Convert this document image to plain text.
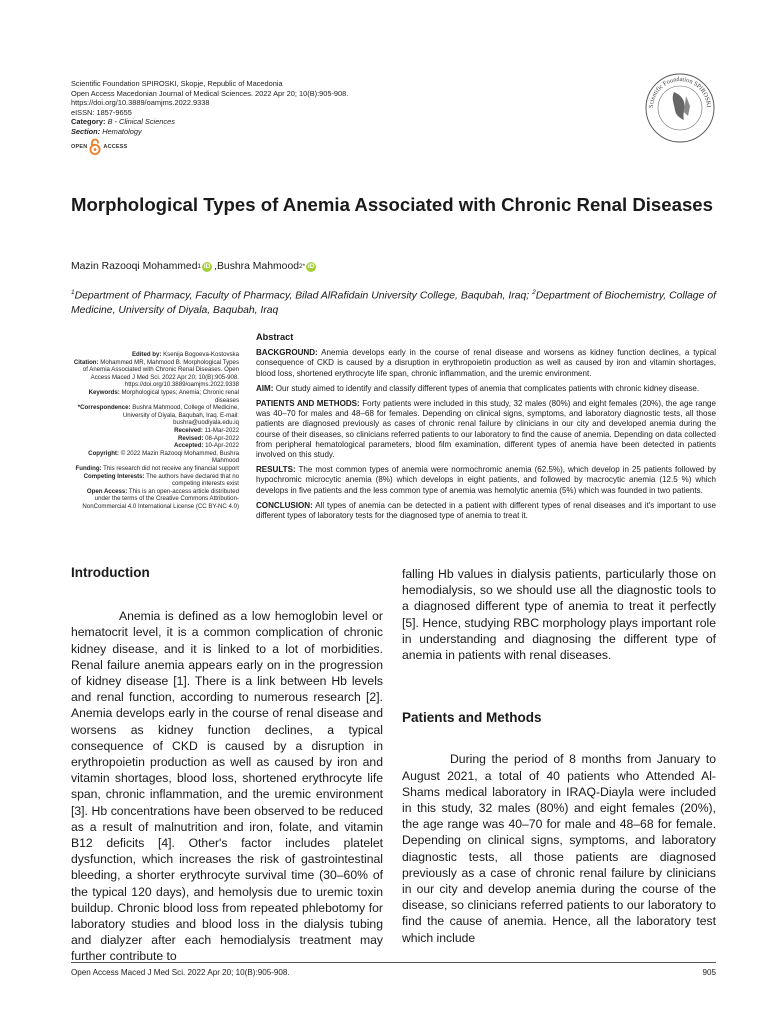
Scientific Foundation SPIROSKI, Skopje, Republic of Macedonia
Open Access Macedonian Journal of Medical Sciences. 2022 Apr 20; 10(B):905-908.
https://doi.org/10.3889/oamjms.2022.9338
eISSN: 1857-9655
Category: B - Clinical Sciences
Section: Hematology
Scientific Foundation SPIROSKI
OPEN	ACCESS
Morphological Types of Anemia Associated with Chronic Renal Diseases
Mazin Razooqi Mohammed 1 iD , Bushra Mahmood 2* iD
$^1$Department of Pharmacy, Faculty of Pharmacy, Bilad AlRafidain University College, Baqubah, Iraq; $^2$Department of Biochemistry, Collage of Medicine, University of Diyala, Baqubah, Iraq
Edited by: Ksenija Bogoeva-Kostovska
Citation: Mohammed MR, Mahmood B. Morphological Types of Anemia Associated with Chronic Renal Diseases. Open Access Maced J Med Sci. 2022 Apr 20; 10(B):905-908. https://doi.org/10.3889/oamjms.2022.9338
Keywords: Morphological types; Anemia; Chronic renal diseases
*Correspondence: Bushra Mahmood, College of Medicine, University of Diyala, Baqubah, Iraq. E-mail: bushra@uodiyala.edu.iq
Received: 11-Mar-2022
Revised: 08-Apr-2022
Accepted: 10-Apr-2022
Copyright: © 2022 Mazin Razooqi Mohammed, Bushra Mahmood
Funding: This research did not receive any financial support
Competing Interests: The authors have declared that no competing interests exist
Open Access: This is an open-access article distributed under the terms of the Creative Commons Attribution-NonCommercial 4.0 International License (CC BY-NC 4.0)
Abstract

BACKGROUND: Anemia develops early in the course of renal disease and worsens as kidney function declines, a typical consequence of CKD is caused by a disruption in erythropoietin production as well as caused by iron and vitamin shortages, blood loss, shortened erythrocyte life span, chronic inflammation, and the uremic environment.

AIM: Our study aimed to identify and classify different types of anemia that complicates patients with chronic kidney disease.

PATIENTS AND METHODS: Forty patients were included in this study, 32 males (80%) and eight females (20%), the age range was 40–70 for males and 48–68 for females. Depending on clinical signs, symptoms, and laboratory diagnostic tests, all those patients are diagnosed previously as cases of chronic renal failure by clinicians in our city and developed anemia during the course of their diseases, so clinicians referred patients to our laboratory to find the cause of anemia. Depending on data collected from peripheral hematological parameters, blood film examination, different types of anemia have been detected in patients involved on this study.

RESULTS: The most common types of anemia were normochromic anemia (62.5%), which develop in 25 patients followed by hypochromic microcytic anemia (8%) which develops in eight patients, and followed by macrocytic anemia (12.5 %) which develops in five patients and the less common type of anemia was hemolytic anemia (5%) which was founded in two patients.

CONCLUSION: All types of anemia can be detected in a patient with different types of renal diseases and it's important to use different types of laboratory tests for the diagnosed type of anemia to treat it.

Introduction

Anemia is defined as a low hemoglobin level or hematocrit level, it is a common complication of chronic kidney disease, and it is linked to a lot of morbidities. Renal failure anemia appears early on in the progression of kidney disease [1]. There is a link between Hb levels and renal function, according to numerous research [2]. Anemia develops early in the course of renal disease and worsens as kidney function declines, a typical consequence of CKD is caused by a disruption in erythropoietin production as well as caused by iron and vitamin shortages, blood loss, shortened erythrocyte life span, chronic inflammation, and the uremic environment [3]. Hb concentrations have been observed to be reduced as a result of malnutrition and iron, folate, and vitamin B12 deficits [4]. Other's factor includes platelet dysfunction, which increases the risk of gastrointestinal bleeding, a shorter erythrocyte survival time (30–60% of the typical 120 days), and hemolysis due to uremic toxin buildup. Chronic blood loss from repeated phlebotomy for laboratory studies and blood loss in the dialysis tubing and dialyzer after each hemodialysis treatment may further contribute to

falling Hb values in dialysis patients, particularly those on hemodialysis, so we should use all the diagnostic tools to a diagnosed different type of anemia to treat it perfectly [5]. Hence, studying RBC morphology plays important role in understanding and diagnosing the different type of anemia in patients with renal diseases.

Patients and Methods

During the period of 8 months from January to August 2021, a total of 40 patients who Attended Al-Shams medical laboratory in IRAQ-Diayla were included in this study, 32 males (80%) and eight females (20%), the age range was 40–70 for male and 48–68 for female. Depending on clinical signs, symptoms, and laboratory diagnostic tests, all those patients are diagnosed previously as a case of chronic renal failure by clinicians in our city and develop anemia during the course of the disease, so clinicians referred patients to our laboratory to find the cause of anemia. Hence, all the laboratory test which include

Open Access Maced J Med Sci. 2022 Apr 20; 10(B):905-908.	905
